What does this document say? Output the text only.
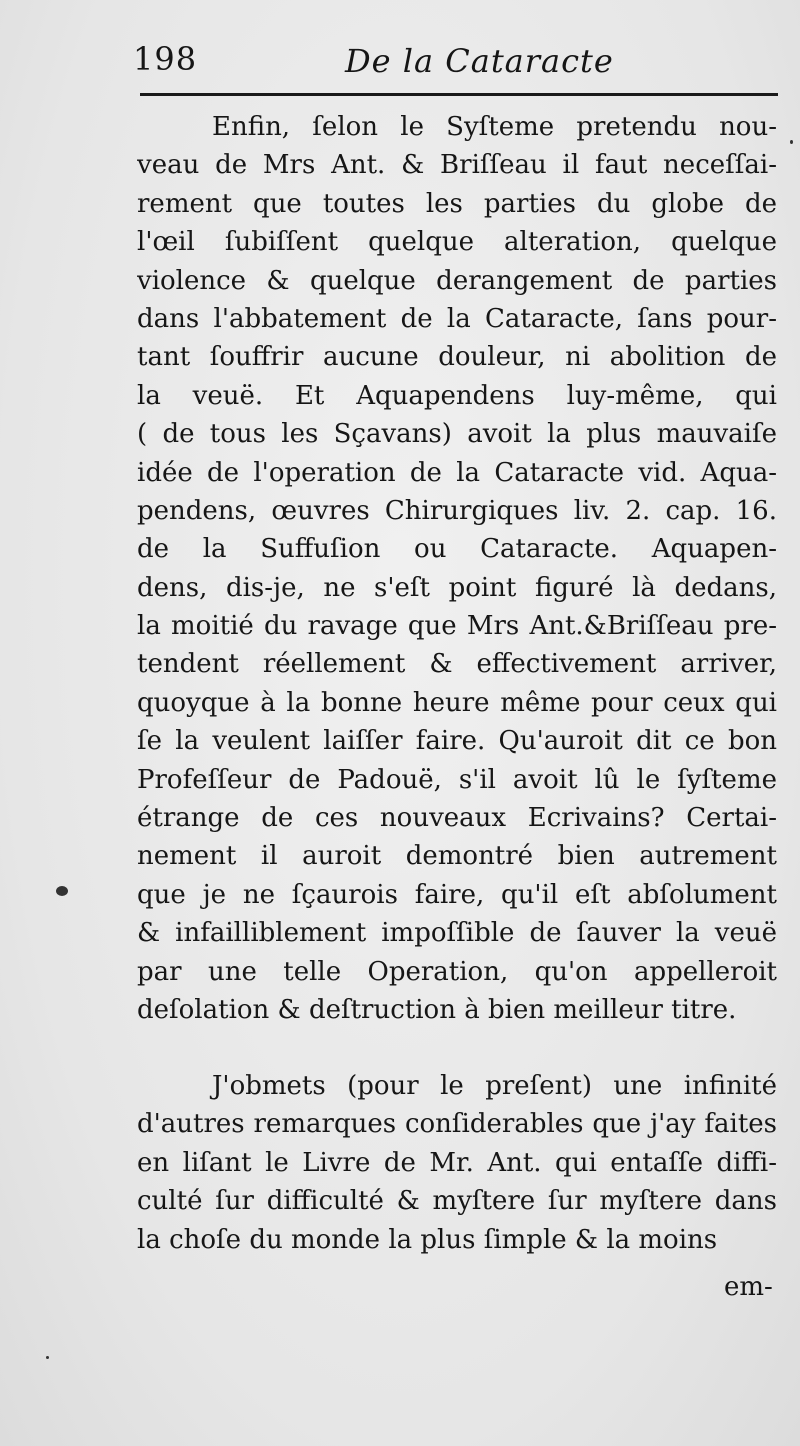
198	De la Cataracte
Enfin, ſelon le Syſteme pretendu nou-
veau de Mrs Ant. & Briſſeau il faut neceſſai-
rement que toutes les parties du globe de
l'œil ſubiſſent quelque alteration, quelque
violence & quelque derangement de parties
dans l'abbatement de la Cataracte, ſans pour-
tant ſouffrir aucune douleur, ni abolition de
la veuë. Et Aquapendens luy-même, qui
( de tous les Sçavans) avoit la plus mauvaiſe
idée de l'operation de la Cataracte vid. Aqua-
pendens, œuvres Chirurgiques liv. 2. cap. 16.
de la Suffuſion ou Cataracte. Aquapen-
dens, dis-je, ne s'eſt point figuré là dedans,
la moitié du ravage que Mrs Ant.&Briſſeau pre-
tendent réellement & effectivement arriver,
quoyque à la bonne heure même pour ceux qui
ſe la veulent laiſſer faire. Qu'auroit dit ce bon
Profeſſeur de Padouë, s'il avoit lû le ſyſteme
étrange de ces nouveaux Ecrivains? Certai-
nement il auroit demontré bien autrement
que je ne ſçaurois faire, qu'il eſt abſolument
& infailliblement impoſſible de ſauver la veuë
par une telle Operation, qu'on appelleroit
deſolation & deſtruction à bien meilleur titre.
J'obmets (pour le preſent) une infinité
d'autres remarques conſiderables que j'ay faites
en liſant le Livre de Mr. Ant. qui entaſſe diffi-
culté ſur difficulté & myſtere ſur myſtere dans
la choſe du monde la plus ſimple & la moins
em-
